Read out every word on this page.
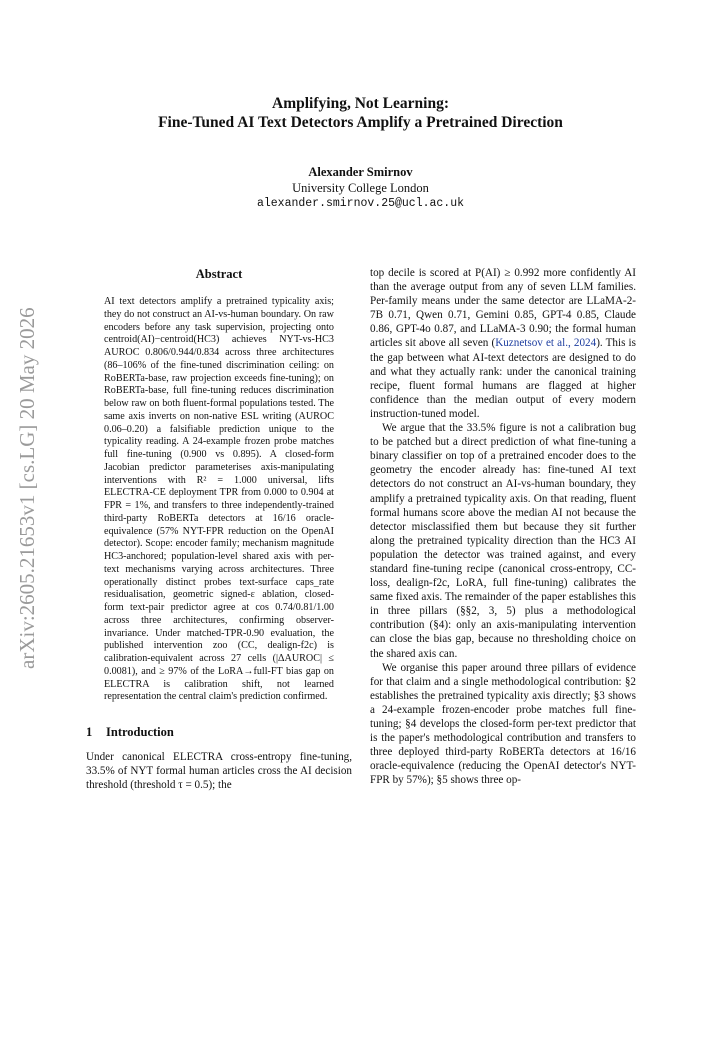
Amplifying, Not Learning:
Fine-Tuned AI Text Detectors Amplify a Pretrained Direction
Alexander Smirnov
University College London
alexander.smirnov.25@ucl.ac.uk
arXiv:2605.21653v1 [cs.LG] 20 May 2026
Abstract
AI text detectors amplify a pretrained typicality axis; they do not construct an AI-vs-human boundary. On raw encoders before any task supervision, projecting onto centroid(AI)−centroid(HC3) achieves NYT-vs-HC3 AUROC 0.806/0.944/0.834 across three architectures (86–106% of the fine-tuned discrimination ceiling: on RoBERTa-base, raw projection exceeds fine-tuning); on RoBERTa-base, full fine-tuning reduces discrimination below raw on both fluent-formal populations tested. The same axis inverts on non-native ESL writing (AUROC 0.06–0.20) a falsifiable prediction unique to the typicality reading. A 24-example frozen probe matches full fine-tuning (0.900 vs 0.895). A closed-form Jacobian predictor parameterises axis-manipulating interventions with R² = 1.000 universal, lifts ELECTRA-CE deployment TPR from 0.000 to 0.904 at FPR = 1%, and transfers to three independently-trained third-party RoBERTa detectors at 16/16 oracle-equivalence (57% NYT-FPR reduction on the OpenAI detector). Scope: encoder family; mechanism magnitude HC3-anchored; population-level shared axis with per-text mechanisms varying across architectures. Three operationally distinct probes text-surface caps_rate residualisation, geometric signed-ε ablation, closed-form text-pair predictor agree at cos 0.74/0.81/1.00 across three architectures, confirming observer-invariance. Under matched-TPR-0.90 evaluation, the published intervention zoo (CC, dealign-f2c) is calibration-equivalent across 27 cells (|ΔAUROC| ≤ 0.0081), and ≥ 97% of the LoRA→full-FT bias gap on ELECTRA is calibration shift, not learned representation the central claim's prediction confirmed.
1 Introduction
Under canonical ELECTRA cross-entropy fine-tuning, 33.5% of NYT formal human articles cross the AI decision threshold (threshold τ = 0.5); the

top decile is scored at P(AI) ≥ 0.992 more confidently AI than the average output from any of seven LLM families. Per-family means under the same detector are LLaMA-2-7B 0.71, Qwen 0.71, Gemini 0.85, GPT-4 0.85, Claude 0.86, GPT-4o 0.87, and LLaMA-3 0.90; the formal human articles sit above all seven (Kuznetsov et al., 2024). This is the gap between what AI-text detectors are designed to do and what they actually rank: under the canonical training recipe, fluent formal humans are flagged at higher confidence than the median output of every modern instruction-tuned model.

We argue that the 33.5% figure is not a calibration bug to be patched but a direct prediction of what fine-tuning a binary classifier on top of a pretrained encoder does to the geometry the encoder already has: fine-tuned AI text detectors do not construct an AI-vs-human boundary, they amplify a pretrained typicality axis. On that reading, fluent formal humans score above the median AI not because the detector misclassified them but because they sit further along the pretrained typicality direction than the HC3 AI population the detector was trained against, and every standard fine-tuning recipe (canonical cross-entropy, CC-loss, dealign-f2c, LoRA, full fine-tuning) calibrates the same fixed axis. The remainder of the paper establishes this in three pillars (§§2, 3, 5) plus a methodological contribution (§4): only an axis-manipulating intervention can close the bias gap, because no thresholding choice on the shared axis can.

We organise this paper around three pillars of evidence for that claim and a single methodological contribution: §2 establishes the pretrained typicality axis directly; §3 shows a 24-example frozen-encoder probe matches full fine-tuning; §4 develops the closed-form per-text predictor that is the paper's methodological contribution and transfers to three deployed third-party RoBERTa detectors at 16/16 oracle-equivalence (reducing the OpenAI detector's NYT-FPR by 57%); §5 shows three op-
